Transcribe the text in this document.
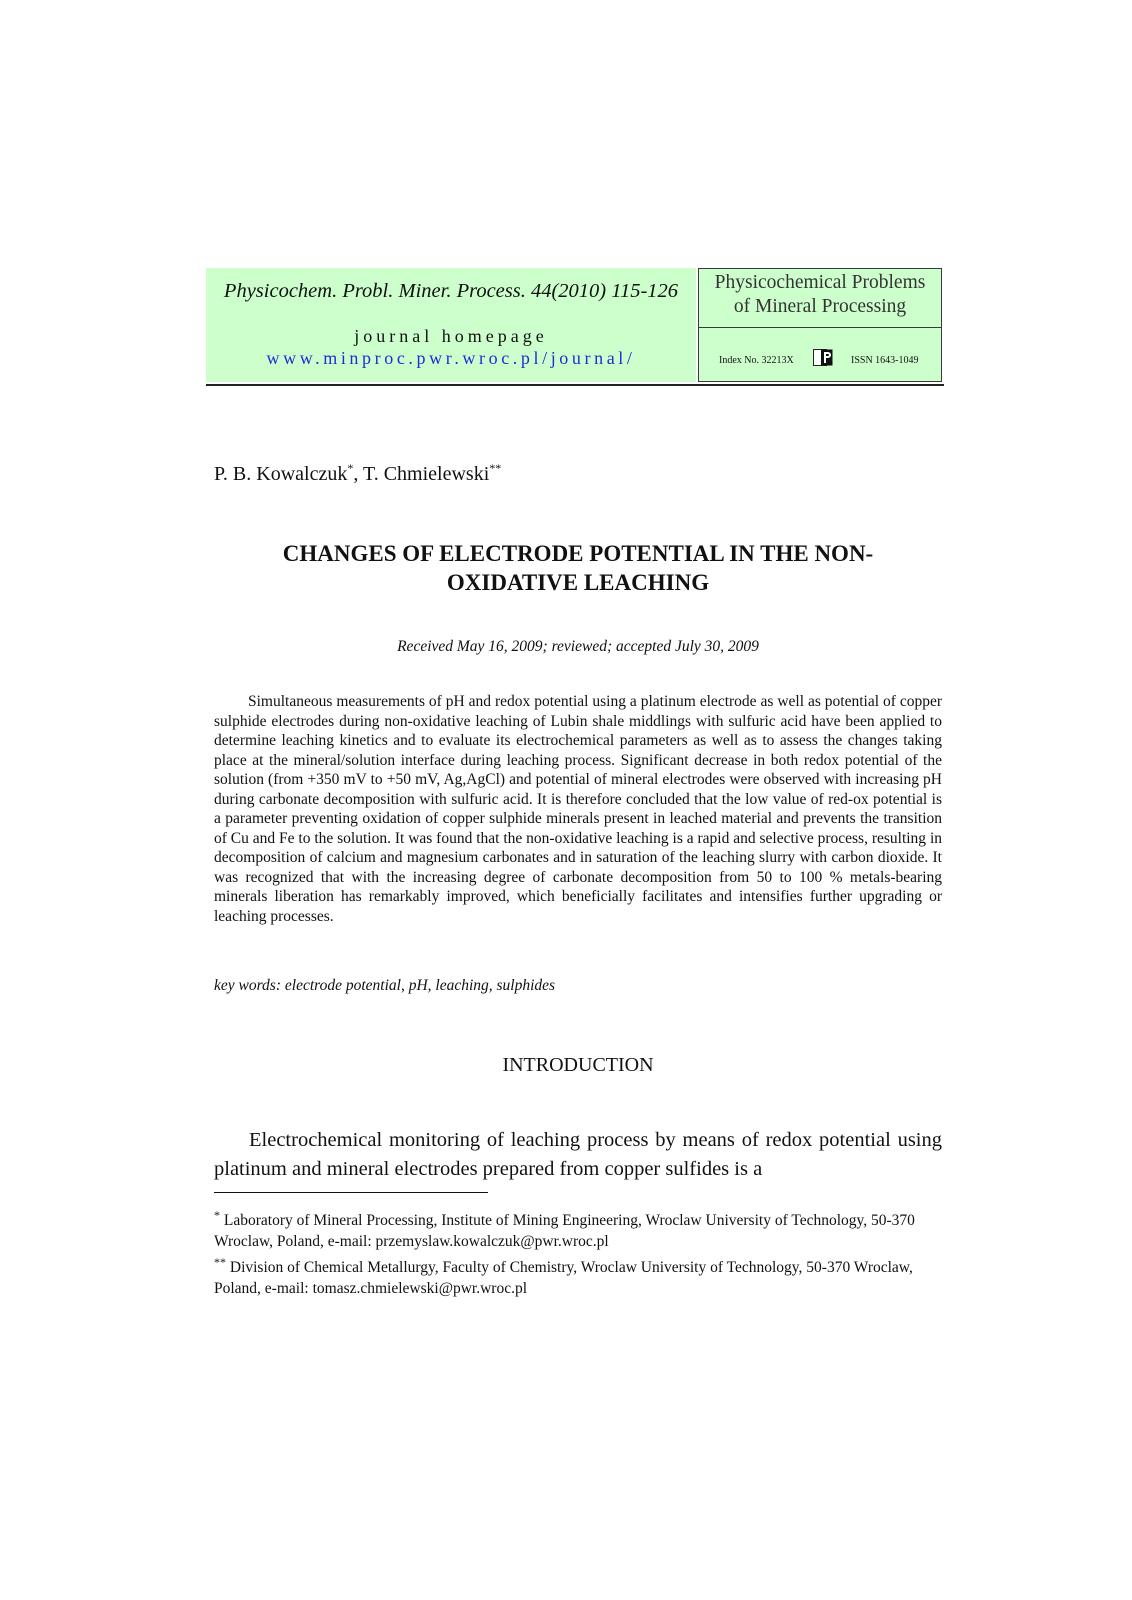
Physicochem. Probl. Miner. Process. 44(2010) 115-126
journal homepage
www.minproc.pwr.wroc.pl/journal/
Physicochemical Problems
of Mineral Processing
Index No. 32213X	ISSN 1643-1049
P. B. Kowalczuk*, T. Chmielewski**
CHANGES OF ELECTRODE POTENTIAL IN THE NON-
OXIDATIVE LEACHING
Received May 16, 2009; reviewed; accepted July 30, 2009

Simultaneous measurements of pH and redox potential using a platinum electrode as well as potential of copper sulphide electrodes during non-oxidative leaching of Lubin shale middlings with sulfuric acid have been applied to determine leaching kinetics and to evaluate its electrochemical parameters as well as to assess the changes taking place at the mineral/solution interface during leaching process. Significant decrease in both redox potential of the solution (from +350 mV to +50 mV, Ag,AgCl) and potential of mineral electrodes were observed with increasing pH during carbonate decomposition with sulfuric acid. It is therefore concluded that the low value of red-ox potential is a parameter preventing oxidation of copper sulphide minerals present in leached material and prevents the transition of Cu and Fe to the solution. It was found that the non-oxidative leaching is a rapid and selective process, resulting in decomposition of calcium and magnesium carbonates and in saturation of the leaching slurry with carbon dioxide. It was recognized that with the increasing degree of carbonate decomposition from 50 to 100 % metals-bearing minerals liberation has remarkably improved, which beneficially facilitates and intensifies further upgrading or leaching processes.

key words: electrode potential, pH, leaching, sulphides
INTRODUCTION

Electrochemical monitoring of leaching process by means of redox potential using platinum and mineral electrodes prepared from copper sulfides is a

* Laboratory of Mineral Processing, Institute of Mining Engineering, Wroclaw University of Technology, 50-370 Wroclaw, Poland, e-mail: przemyslaw.kowalczuk@pwr.wroc.pl

** Division of Chemical Metallurgy, Faculty of Chemistry, Wroclaw University of Technology, 50-370 Wroclaw, Poland, e-mail: tomasz.chmielewski@pwr.wroc.pl
